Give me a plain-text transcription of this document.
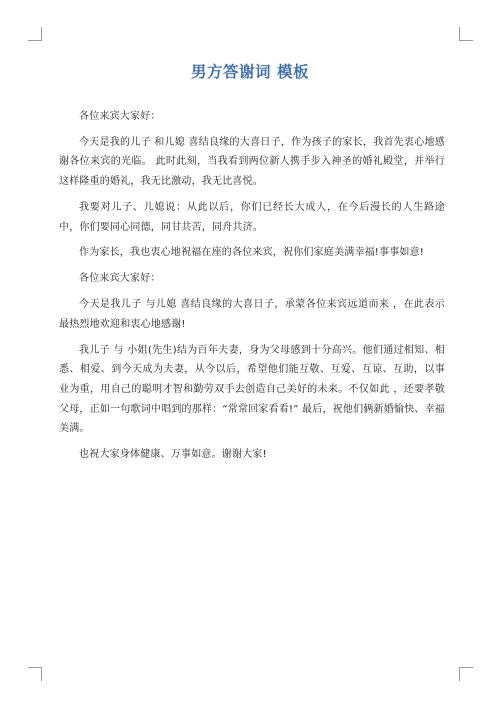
男方答谢词 模板

各位来宾大家好：

今天是我的儿子 和儿媳 喜结良缘的大喜日子，作为孩子的家长，我首先衷心地感谢各位来宾的光临。 此时此刻，当我看到两位新人携手步入神圣的婚礼殿堂，并举行这样隆重的婚礼，我无比激动，我无比喜悦。

我要对儿子、儿媳说：从此以后，你们已经长大成人，在今后漫长的人生路途中，你们要同心同德，同甘共苦，同舟共济。

作为家长，我也衷心地祝福在座的各位来宾，祝你们家庭美满幸福!事事如意!

各位来宾大家好：

今天是我儿子 与儿媳 喜结良缘的大喜日子，承蒙各位来宾远道而来 ，在此表示最热烈地欢迎和衷心地感谢!

我儿子 与 小姐(先生)结为百年夫妻，身为父母感到十分高兴。他们通过相知、相悉、相爱、到今天成为夫妻，从今以后，希望他们能互敬、互爱、互谅、互助，以事业为重，用自己的聪明才智和勤劳双手去创造自己美好的未来。不仅如此 ，还要孝敬父母，正如一句歌词中唱到的那样：“常常回家看看!” 最后，祝他们俩新婚愉快、幸福美满。

也祝大家身体健康、万事如意。谢谢大家!
